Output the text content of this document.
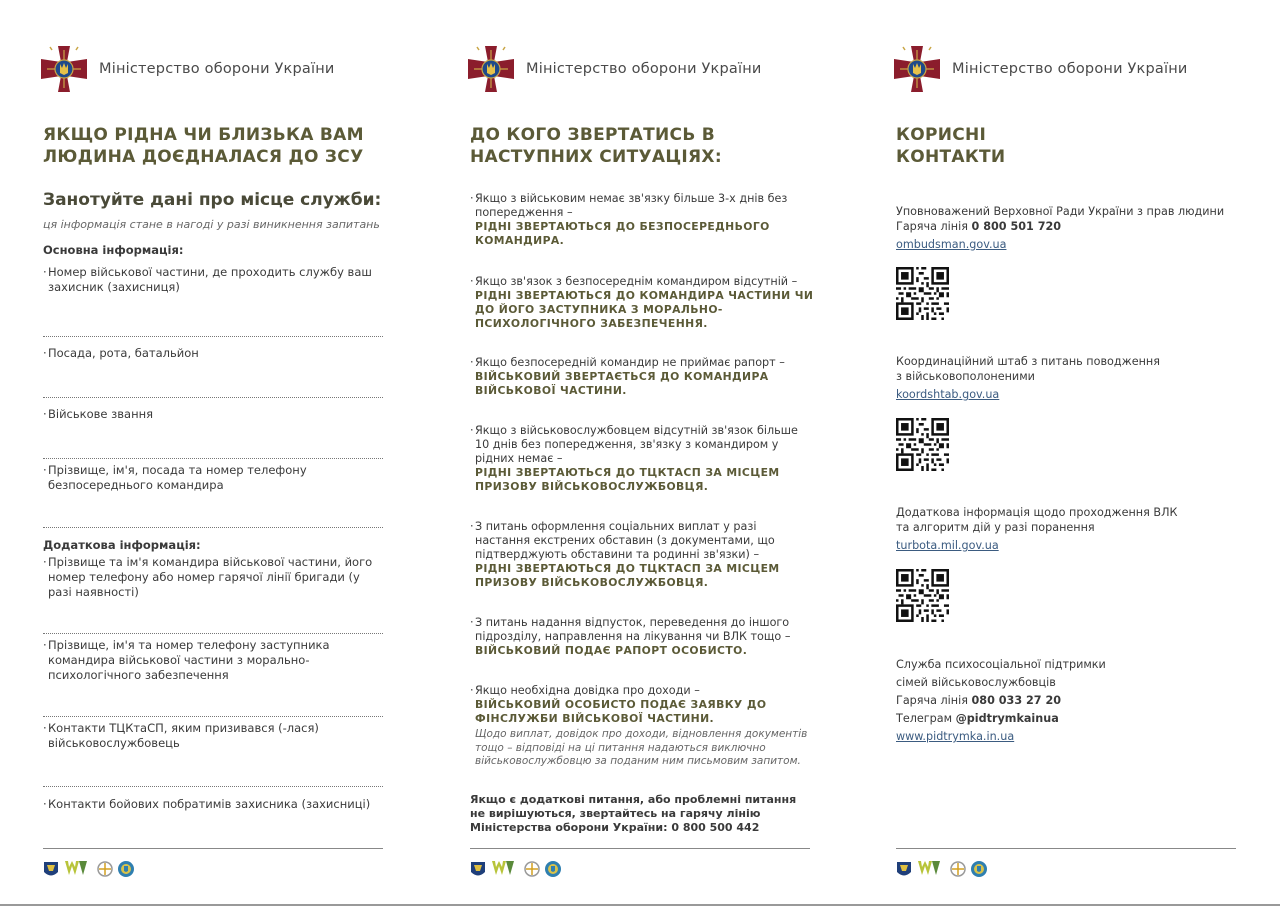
Міністерство оборони України
ЯКЩО РІДНА ЧИ БЛИЗЬКА ВАМ
ЛЮДИНА ДОЄДНАЛАСЯ ДО ЗСУ
Занотуйте дані про місце служби:
ця інформація стане в нагоді у разі виникнення запитань
Основна інформація:
· Номер військової частини, де проходить службу ваш захисник (захисниця)
· Посада, рота, батальйон
· Військове звання
· Прізвище, ім'я, посада та номер телефону безпосереднього командира
Додаткова інформація:
· Прізвище та ім'я командира військової частини, його номер телефону або номер гарячої лінії бригади (у разі наявності)
· Прізвище, ім'я та номер телефону заступника командира військової частини з морально-психологічного забезпечення
· Контакти ТЦКтаСП, яким призивався (-лася) військовослужбовець
· Контакти бойових побратимів захисника (захисниці)
Міністерство оборони України
ДО КОГО ЗВЕРТАТИСЬ В
НАСТУПНИХ СИТУАЦІЯХ:
· Якщо з військовим немає зв'язку більше 3-х днів без попередження –
РІДНІ ЗВЕРТАЮТЬСЯ ДО БЕЗПОСЕРЕДНЬОГО КОМАНДИРА.
· Якщо зв'язок з безпосереднім командиром відсутній –
РІДНІ ЗВЕРТАЮТЬСЯ ДО КОМАНДИРА ЧАСТИНИ ЧИ ДО ЙОГО ЗАСТУПНИКА З МОРАЛЬНО-ПСИХОЛОГІЧНОГО ЗАБЕЗПЕЧЕННЯ.
· Якщо безпосередній командир не приймає рапорт –
ВІЙСЬКОВИЙ ЗВЕРТАЄТЬСЯ ДО КОМАНДИРА ВІЙСЬКОВОЇ ЧАСТИНИ.
· Якщо з військовослужбовцем відсутній зв'язок більше 10 днів без попередження, зв'язку з командиром у рідних немає –
РІДНІ ЗВЕРТАЮТЬСЯ ДО ТЦКТАСП ЗА МІСЦЕМ ПРИЗОВУ ВІЙСЬКОВОСЛУЖБОВЦЯ.
· З питань оформлення соціальних виплат у разі настання екстрених обставин (з документами, що підтверджують обставини та родинні зв'язки) –
РІДНІ ЗВЕРТАЮТЬСЯ ДО ТЦКТАСП ЗА МІСЦЕМ ПРИЗОВУ ВІЙСЬКОВОСЛУЖБОВЦЯ.
· З питань надання відпусток, переведення до іншого підрозділу, направлення на лікування чи ВЛК тощо –
ВІЙСЬКОВИЙ ПОДАЄ РАПОРТ ОСОБИСТО.
· Якщо необхідна довідка про доходи –
ВІЙСЬКОВИЙ ОСОБИСТО ПОДАЄ ЗАЯВКУ ДО ФІНСЛУЖБИ ВІЙСЬКОВОЇ ЧАСТИНИ.
Щодо виплат, довідок про доходи, відновлення документів тощо – відповіді на ці питання надаються виключно військовослужбовцю за поданим ним письмовим запитом.
Якщо є додаткові питання, або проблемні питання не вирішуються, звертайтесь на гарячу лінію Міністерства оборони України: 0 800 500 442
Міністерство оборони України
КОРИСНІ
КОНТАКТИ
Уповноважений Верховної Ради України з прав людини
Гаряча лінія 0 800 501 720
ombudsman.gov.ua
Координаційний штаб з питань поводження
з військовополоненими
koordshtab.gov.ua
Додаткова інформація щодо проходження ВЛК
та алгоритм дій у разі поранення
turbota.mil.gov.ua
Служба психосоціальної підтримки
сімей військовослужбовців
Гаряча лінія 080 033 27 20
Телеграм @pidtrymkainua
www.pidtrymka.in.ua
